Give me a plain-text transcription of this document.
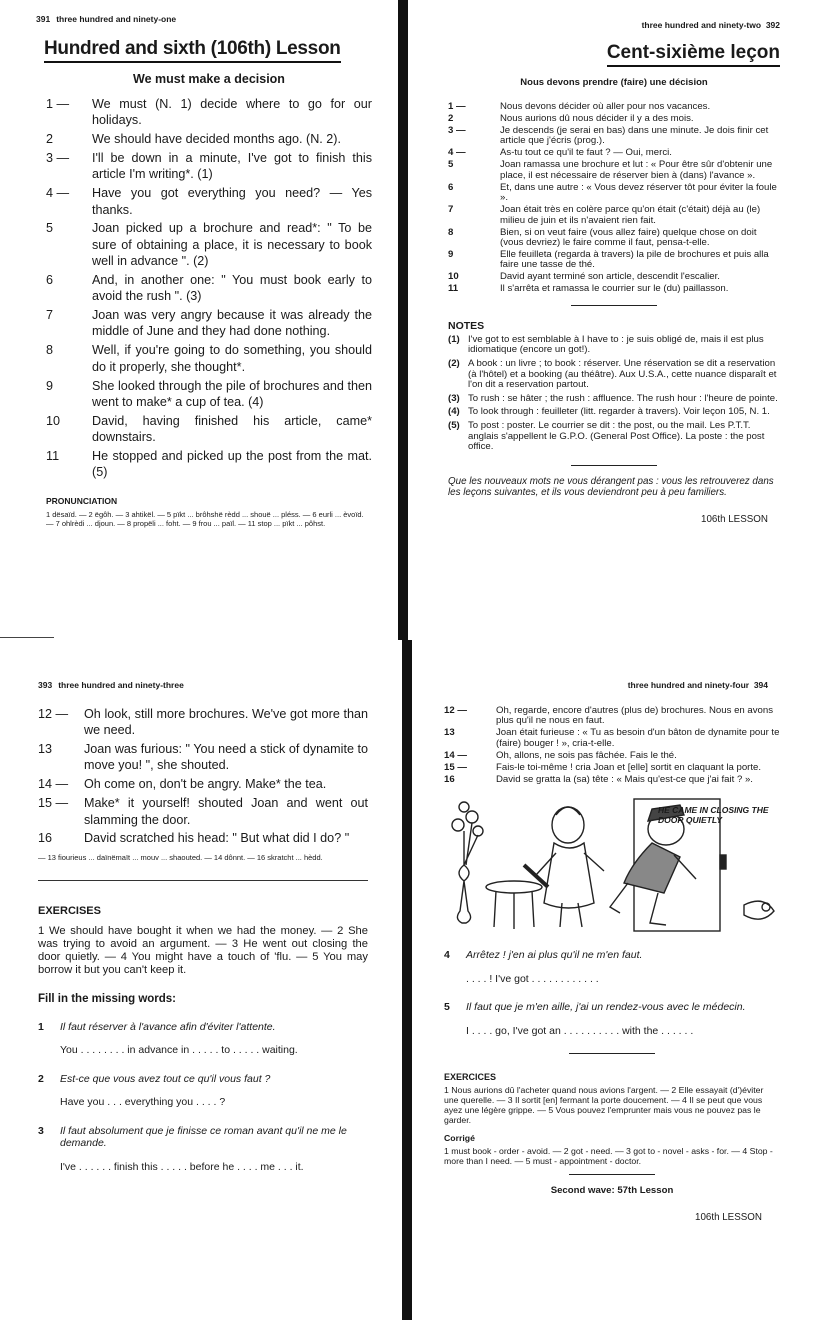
391 three hundred and ninety-one
Hundred and sixth (106th) Lesson
We must make a decision
1 —	We must (N. 1) decide where to go for our holidays.
2	We should have decided months ago. (N. 2).
3 —	I'll be down in a minute, I've got to finish this article I'm writing*. (1)
4 —	Have you got everything you need? — Yes thanks.
5	Joan picked up a brochure and read*: " To be sure of obtaining a place, it is necessary to book well in advance ". (2)
6	And, in another one: " You must book early to avoid the rush ". (3)
7	Joan was very angry because it was already the middle of June and they had done nothing.
8	Well, if you're going to do something, you should do it properly, she thought*.
9	She looked through the pile of brochures and then went to make* a cup of tea. (4)
10	David, having finished his article, came* downstairs.
11	He stopped and picked up the post from the mat. (5)
PRONUNCIATION
1 dësaïd. — 2 ëgôh. — 3 ahtikël. — 5 pïkt ... brôhshë rèdd ... shouë ... pléss. — 6 eurli ... èvoïd. — 7 ohlrèdi ... djoun. — 8 propëli ... foht. — 9 frou ... païl. — 11 stop ... pïkt ... pôhst.
three hundred and ninety-two 392
Cent-sixième leçon
Nous devons prendre (faire) une décision
1 —	Nous devons décider où aller pour nos vacances.
2	Nous aurions dû nous décider il y a des mois.
3 —	Je descends (je serai en bas) dans une minute. Je dois finir cet article que j'écris (prog.).
4 —	As-tu tout ce qu'il te faut ? — Oui, merci.
5	Joan ramassa une brochure et lut : « Pour être sûr d'obtenir une place, il est nécessaire de réserver bien à (dans) l'avance ».
6	Et, dans une autre : « Vous devez réserver tôt pour éviter la foule ».
7	Joan était très en colère parce qu'on était (c'était) déjà au (le) milieu de juin et ils n'avaient rien fait.
8	Bien, si on veut faire (vous allez faire) quelque chose on doit (vous devriez) le faire comme il faut, pensa-t-elle.
9	Elle feuilleta (regarda à travers) la pile de brochures et puis alla faire une tasse de thé.
10	David ayant terminé son article, descendit l'escalier.
11	Il s'arrêta et ramassa le courrier sur le (du) paillasson.
NOTES
(1) I've got to est semblable à I have to : je suis obligé de, mais il est plus idiomatique (encore un got!).
(2) A book : un livre ; to book : réserver. Une réservation se dit a reservation (à l'hôtel) et a booking (au théâtre). Aux U.S.A., cette nuance disparaît et l'on dit a reservation partout.
(3) To rush : se hâter ; the rush : affluence. The rush hour : l'heure de pointe.
(4) To look through : feuilleter (litt. regarder à travers). Voir leçon 105, N. 1.
(5) To post : poster. Le courrier se dit : the post, ou the mail. Les P.T.T. anglais s'appellent le G.P.O. (General Post Office). La poste : the post office.
Que les nouveaux mots ne vous dérangent pas : vous les retrouverez dans les leçons suivantes, et ils vous deviendront peu à peu familiers.
106th LESSON
393 three hundred and ninety-three
12 —	Oh look, still more brochures. We've got more than we need.
13	Joan was furious: " You need a stick of dynamite to move you! ", she shouted.
14 —	Oh come on, don't be angry. Make* the tea.
15 —	Make* it yourself! shouted Joan and went out slamming the door.
16	David scratched his head: " But what did I do? "
— 13 fiourieus ... daïnëmaït ... mouv ... shaouted. — 14 dônnt. — 16 skratcht ... hèdd.
EXERCISES
1 We should have bought it when we had the money. — 2 She was trying to avoid an argument. — 3 He went out closing the door quietly. — 4 You might have a touch of 'flu. — 5 You may borrow it but you can't keep it.
Fill in the missing words:
1	Il faut réserver à l'avance afin d'éviter l'attente.
You . . . . . . . . in advance in . . . . . to . . . . . waiting.
2	Est-ce que vous avez tout ce qu'il vous faut ?
Have you . . . everything you . . . . ?
3	Il faut absolument que je finisse ce roman avant qu'il ne me le demande.
I've . . . . . . finish this . . . . . before he . . . . me . . . it.
three hundred and ninety-four 394
12 —	Oh, regarde, encore d'autres (plus de) brochures. Nous en avons plus qu'il ne nous en faut.
13	Joan était furieuse : « Tu as besoin d'un bâton de dynamite pour te (faire) bouger ! », cria-t-elle.
14 —	Oh, allons, ne sois pas fâchée. Fais le thé.
15 —	Fais-le toi-même ! cria Joan et [elle] sortit en claquant la porte.
16	David se gratta la (sa) tête : « Mais qu'est-ce que j'ai fait ? ».
HE CAME IN CLOSING THE DOOR QUIETLY
4	Arrêtez ! j'en ai plus qu'il ne m'en faut.
. . . . ! I've got . . . . . . . . . . . .
5	Il faut que je m'en aille, j'ai un rendez-vous avec le médecin.
I . . . . go, I've got an . . . . . . . . . . with the . . . . . .
EXERCICES
1 Nous aurions dû l'acheter quand nous avions l'argent. — 2 Elle essayait (d')éviter une querelle. — 3 Il sortit [en] fermant la porte doucement. — 4 Il se peut que vous ayez une légère grippe. — 5 Vous pouvez l'emprunter mais vous ne pouvez pas le garder.
Corrigé
1 must book - order - avoid. — 2 got - need. — 3 got to - novel - asks - for. — 4 Stop - more than I need. — 5 must - appointment - doctor.
Second wave: 57th Lesson
106th LESSON
